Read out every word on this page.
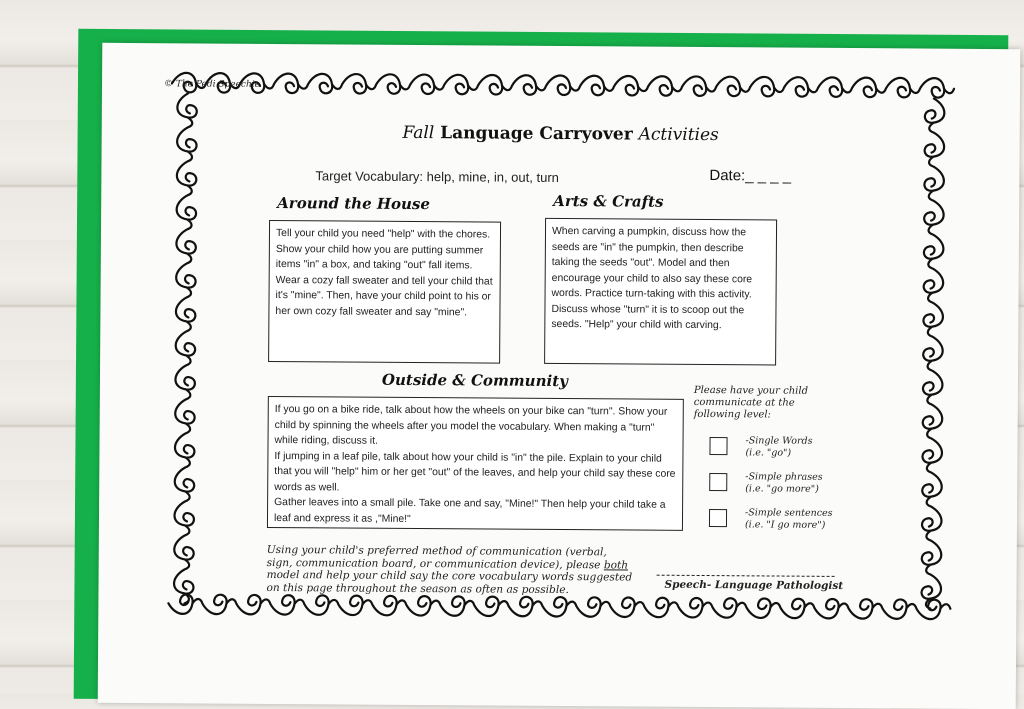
© The Pedi Speechie
Fall Language Carryover Activities
Target Vocabulary: help, mine, in, out, turn	Date:_ _ _ _
Around the House
Tell your child you need "help" with the chores. Show your child how you are putting summer items "in" a box, and taking "out" fall items.
Wear a cozy fall sweater and tell your child that it's "mine". Then, have your child point to his or her own cozy fall sweater and say "mine".
Arts & Crafts
When carving a pumpkin, discuss how the seeds are "in" the pumpkin, then describe taking the seeds "out". Model and then encourage your child to also say these core words. Practice turn-taking with this activity. Discuss whose "turn" it is to scoop out the seeds. "Help" your child with carving.
Outside & Community
If you go on a bike ride, talk about how the wheels on your bike can "turn". Show your child by spinning the wheels after you model the vocabulary. When making a "turn" while riding, discuss it.
If jumping in a leaf pile, talk about how your child is "in" the pile. Explain to your child that you will "help" him or her get "out" of the leaves, and help your child say these core words as well.
Gather leaves into a small pile. Take one and say, "Mine!" Then help your child take a leaf and express it as ,"Mine!"
Please have your child communicate at the following level:
-Single Words
(i.e. "go")
-Simple phrases
(i.e. "go more")
-Simple sentences
(i.e. "I go more")
Using your child's preferred method of communication (verbal, sign, communication board, or communication device), please both model and help your child say the core vocabulary words suggested on this page throughout the season as often as possible.	Speech- Language Pathologist
